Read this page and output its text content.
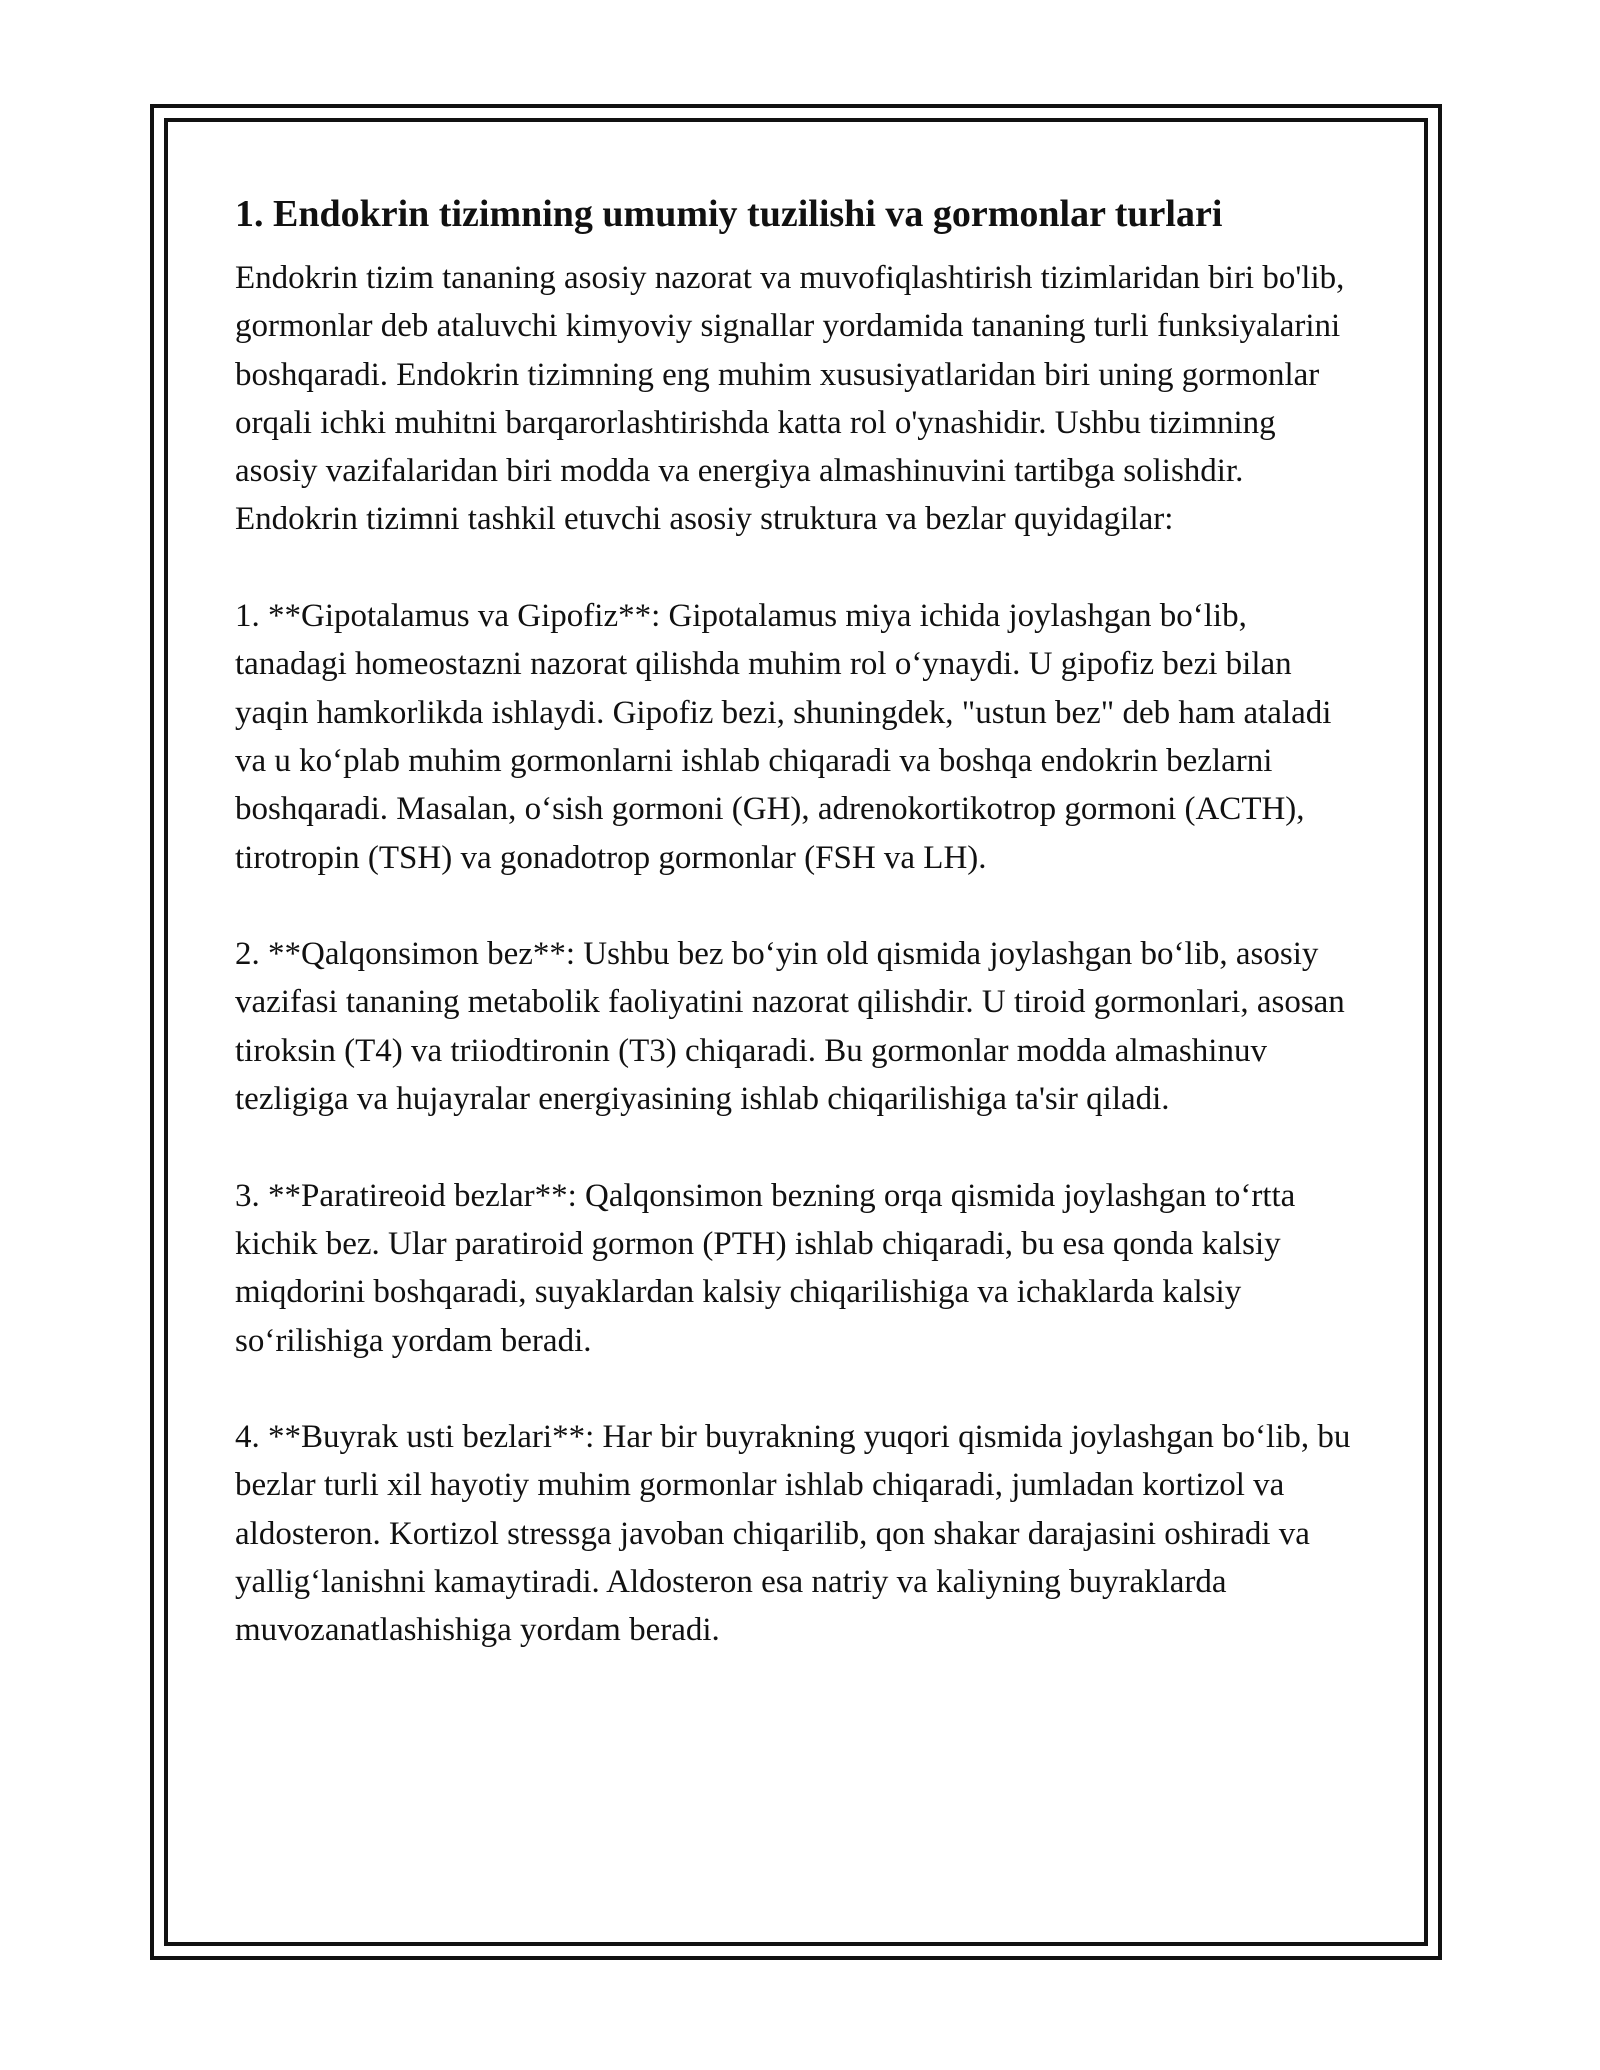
1. Endokrin tizimning umumiy tuzilishi va gormonlar turlari

Endokrin tizim tananing asosiy nazorat va muvofiqlashtirish tizimlaridan biri bo'lib, gormonlar deb ataluvchi kimyoviy signallar yordamida tananing turli funksiyalarini boshqaradi. Endokrin tizimning eng muhim xususiyatlaridan biri uning gormonlar orqali ichki muhitni barqarorlashtirishda katta rol o'ynashidir. Ushbu tizimning asosiy vazifalaridan biri modda va energiya almashinuvini tartibga solishdir. Endokrin tizimni tashkil etuvchi asosiy struktura va bezlar quyidagilar:

1. **Gipotalamus va Gipofiz**: Gipotalamus miya ichida joylashgan bo‘lib, tanadagi homeostazni nazorat qilishda muhim rol o‘ynaydi. U gipofiz bezi bilan yaqin hamkorlikda ishlaydi. Gipofiz bezi, shuningdek, "ustun bez" deb ham ataladi va u ko‘plab muhim gormonlarni ishlab chiqaradi va boshqa endokrin bezlarni boshqaradi. Masalan, o‘sish gormoni (GH), adrenokortikotrop gormoni (ACTH), tirotropin (TSH) va gonadotrop gormonlar (FSH va LH).

2. **Qalqonsimon bez**: Ushbu bez bo‘yin old qismida joylashgan bo‘lib, asosiy vazifasi tananing metabolik faoliyatini nazorat qilishdir. U tiroid gormonlari, asosan tiroksin (T4) va triiodtironin (T3) chiqaradi. Bu gormonlar modda almashinuv tezligiga va hujayralar energiyasining ishlab chiqarilishiga ta'sir qiladi.

3. **Paratireoid bezlar**: Qalqonsimon bezning orqa qismida joylashgan to‘rtta kichik bez. Ular paratiroid gormon (PTH) ishlab chiqaradi, bu esa qonda kalsiy miqdorini boshqaradi, suyaklardan kalsiy chiqarilishiga va ichaklarda kalsiy so‘rilishiga yordam beradi.

4. **Buyrak usti bezlari**: Har bir buyrakning yuqori qismida joylashgan bo‘lib, bu bezlar turli xil hayotiy muhim gormonlar ishlab chiqaradi, jumladan kortizol va aldosteron. Kortizol stressga javoban chiqarilib, qon shakar darajasini oshiradi va yallig‘lanishni kamaytiradi. Aldosteron esa natriy va kaliyning buyraklarda muvozanatlashishiga yordam beradi.
